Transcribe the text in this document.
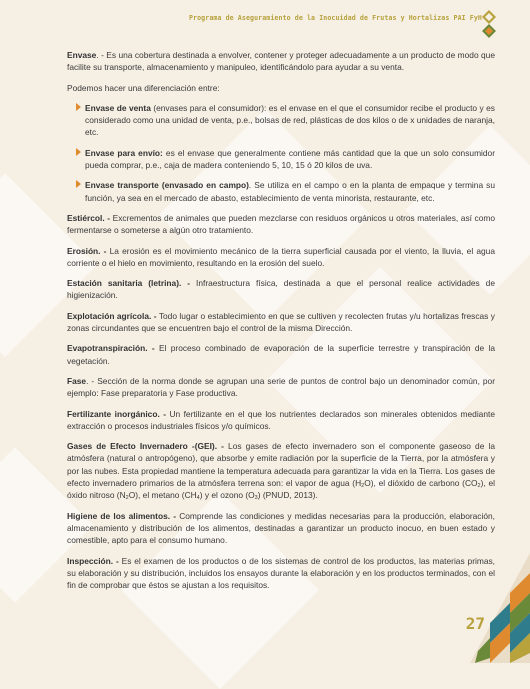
Programa de Aseguramiento de la Inocuidad de Frutas y Hortalizas PAI FyH

Envase. - Es una cobertura destinada a envolver, contener y proteger adecuadamente a un producto de modo que facilite su transporte, almacenamiento y manipuleo, identificándolo para ayudar a su venta.

Podemos hacer una diferenciación entre:

Envase de venta (envases para el consumidor): es el envase en el que el consumidor recibe el producto y es considerado como una unidad de venta, p.e., bolsas de red, plásticas de dos kilos o de x unidades de naranja, etc.
Envase para envío: es el envase que generalmente contiene más cantidad que la que un solo consumidor pueda comprar, p.e., caja de madera conteniendo 5, 10, 15 ó 20 kilos de uva.
Envase transporte (envasado en campo). Se utiliza en el campo o en la planta de empaque y termina su función, ya sea en el mercado de abasto, establecimiento de venta minorista, restaurante, etc.

Estiércol. - Excrementos de animales que pueden mezclarse con residuos orgánicos u otros materiales, así como fermentarse o someterse a algún otro tratamiento.

Erosión. - La erosión es el movimiento mecánico de la tierra superficial causada por el viento, la lluvia, el agua corriente o el hielo en movimiento, resultando en la erosión del suelo.

Estación sanitaria (letrina). - Infraestructura física, destinada a que el personal realice actividades de higienización.

Explotación agrícola. - Todo lugar o establecimiento en que se cultiven y recolecten frutas y/u hortalizas frescas y zonas circundantes que se encuentren bajo el control de la misma Dirección.

Evapotranspiración. - El proceso combinado de evaporación de la superficie terrestre y transpiración de la vegetación.

Fase. - Sección de la norma donde se agrupan una serie de puntos de control bajo un denominador común, por ejemplo: Fase preparatoria y Fase productiva.

Fertilizante inorgánico. - Un fertilizante en el que los nutrientes declarados son minerales obtenidos mediante extracción o procesos industriales físicos y/o químicos.

Gases de Efecto Invernadero -(GEI). - Los gases de efecto invernadero son el componente gaseoso de la atmósfera (natural o antropógeno), que absorbe y emite radiación por la superficie de la Tierra, por la atmósfera y por las nubes. Esta propiedad mantiene la temperatura adecuada para garantizar la vida en la Tierra. Los gases de efecto invernadero primarios de la atmósfera terrena son: el vapor de agua $(H_2O)$, el dióxido de carbono $(CO_2)$, el óxido nitroso $(N_2O)$, el metano $(CH_4)$ y el ozono $(O_3)$ (PNUD, 2013).

Higiene de los alimentos. - Comprende las condiciones y medidas necesarias para la producción, elaboración, almacenamiento y distribución de los alimentos, destinadas a garantizar un producto inocuo, en buen estado y comestible, apto para el consumo humano.

Inspección. - Es el examen de los productos o de los sistemas de control de los productos, las materias primas, su elaboración y su distribución, incluidos los ensayos durante la elaboración y en los productos terminados, con el fin de comprobar que éstos se ajustan a los requisitos.

27
